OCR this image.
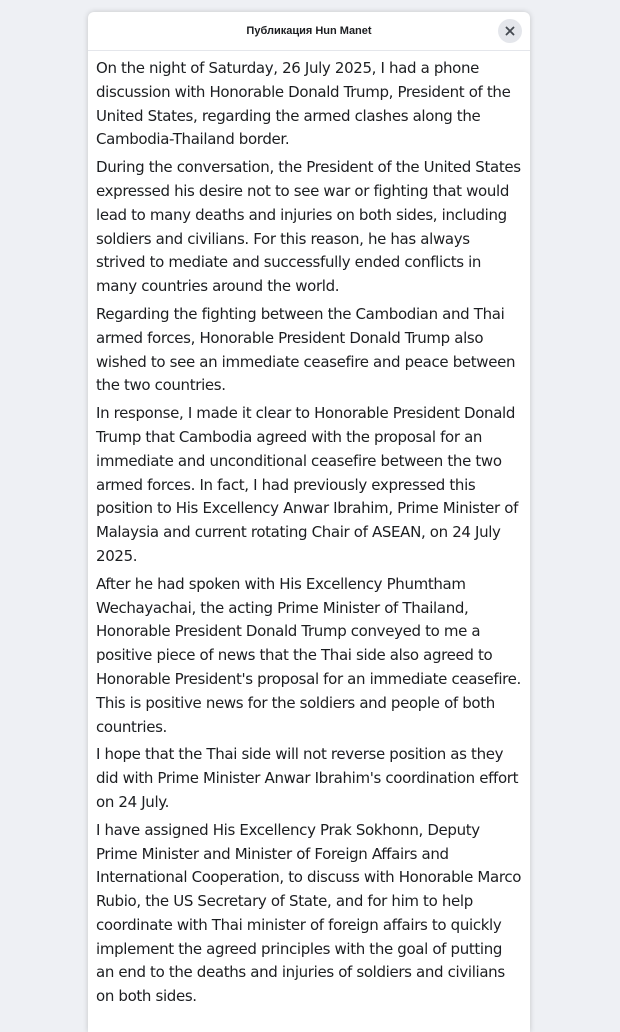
Публикация Hun Manet

On the night of Saturday, 26 July 2025, I had a phone discussion with Honorable Donald Trump, President of the United States, regarding the armed clashes along the Cambodia-Thailand border.

During the conversation, the President of the United States expressed his desire not to see war or fighting that would lead to many deaths and injuries on both sides, including soldiers and civilians. For this reason, he has always strived to mediate and successfully ended conflicts in many countries around the world.

Regarding the fighting between the Cambodian and Thai armed forces, Honorable President Donald Trump also wished to see an immediate ceasefire and peace between the two countries.

In response, I made it clear to Honorable President Donald Trump that Cambodia agreed with the proposal for an immediate and unconditional ceasefire between the two armed forces. In fact, I had previously expressed this position to His Excellency Anwar Ibrahim, Prime Minister of Malaysia and current rotating Chair of ASEAN, on 24 July 2025.

After he had spoken with His Excellency Phumtham Wechayachai, the acting Prime Minister of Thailand, Honorable President Donald Trump conveyed to me a positive piece of news that the Thai side also agreed to Honorable President's proposal for an immediate ceasefire. This is positive news for the soldiers and people of both countries.

I hope that the Thai side will not reverse position as they did with Prime Minister Anwar Ibrahim's coordination effort on 24 July.

I have assigned His Excellency Prak Sokhonn, Deputy Prime Minister and Minister of Foreign Affairs and International Cooperation, to discuss with Honorable Marco Rubio, the US Secretary of State, and for him to help coordinate with Thai minister of foreign affairs to quickly implement the agreed principles with the goal of putting an end to the deaths and injuries of soldiers and civilians on both sides.
